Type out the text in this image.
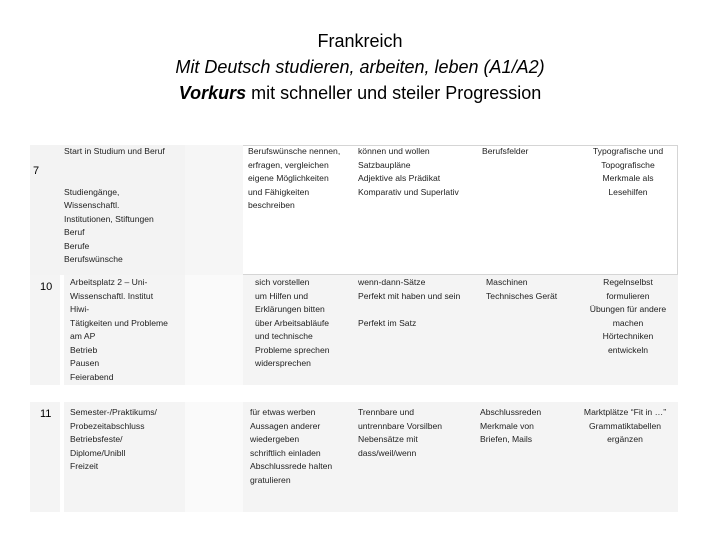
Frankreich
Mit Deutsch studieren, arbeiten, leben (A1/A2)
Vorkurs mit schneller und steiler Progression
7
Start in Studium und Beruf

Studiengänge,
Wissenschaftl.
Institutionen, Stiftungen
Beruf
Berufe
Berufswünsche
Berufswünsche nennen,
erfragen, vergleichen
eigene Möglichkeiten
und Fähigkeiten
beschreiben
können und wollen
Satzbaupläne
Adjektive als Prädikat
Komparativ und Superlativ
Berufsfelder	Typografische und
Topografische
Merkmale als
Lesehilfen
10 Arbeitsplatz 2 – Uni-
Wissenschaftl. Institut
Hiwi-
Tätigkeiten und Probleme
am AP
Betrieb
Pausen
Feierabend
sich vorstellen
um Hilfen und
Erklärungen bitten
über Arbeitsabläufe
und technische
Probleme sprechen
widersprechen
wenn-dann-Sätze
Perfekt mit haben und sein

Perfekt im Satz
Maschinen
Technisches Gerät
Regelnselbst
formulieren
Übungen für andere
machen
Hörtechniken
entwickeln
11 Semester-/Praktikums/
Probezeitabschluss
Betriebsfeste/
Diplome/Unibll
Freizeit
für etwas werben
Aussagen anderer
wiedergeben
schriftlich einladen
Abschlussrede halten
gratulieren
Trennbare und
untrennbare Vorsilben
Nebensätze mit
dass/weil/wenn
Abschlussreden
Merkmale von
Briefen, Mails
Marktplätze “Fit in …”
Grammatiktabellen
ergänzen
